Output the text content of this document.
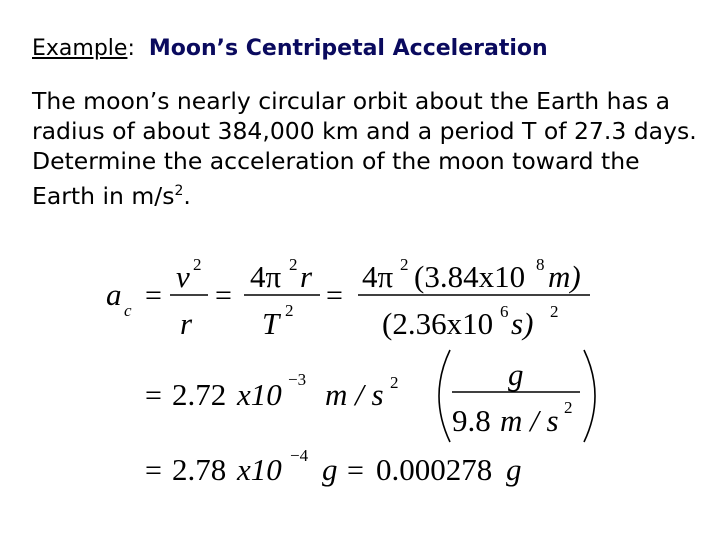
Example: Moon’s Centripetal Acceleration

The moon’s nearly circular orbit about the Earth has a radius of about 384,000 km and a period T of 27.3 days. Determine the acceleration of the moon toward the Earth in $m/s^2$.

a c =
v 2
r
=
4π 2 r
T 2 =
4π 2 (3.84x10 8 m)
(2.36x10 6 s) 2
= 2.72 x10 −3 m / s 2	g
9.8 m / s 2
= 2.78 x10 −4 g = 0.000278 g
